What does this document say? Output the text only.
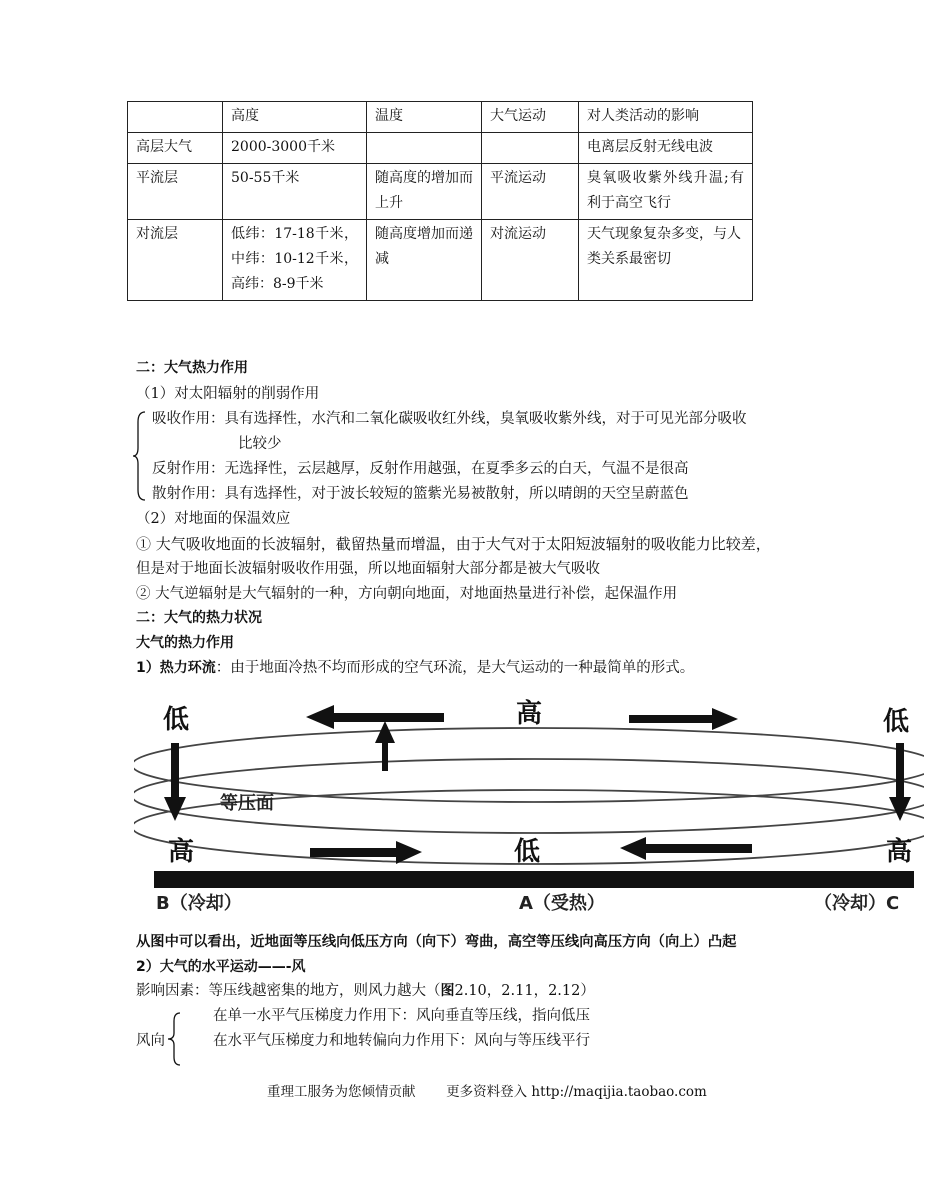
	高度	温度	大气运动	对人类活动的影响
高层大气	2000-3000千米			电离层反射无线电波
平流层	50-55千米	随高度的增加而上升	平流运动	臭氧吸收紫外线升温;有利于高空飞行
对流层	低纬：17-18千米，中纬：10-12千米，高纬：8-9千米	随高度增加而递减	对流运动	天气现象复杂多变，与人类关系最密切
二：大气热力作用
（1）对太阳辐射的削弱作用
吸收作用：具有选择性，水汽和二氧化碳吸收红外线，臭氧吸收紫外线，对于可见光部分吸收
比较少
反射作用：无选择性，云层越厚，反射作用越强，在夏季多云的白天，气温不是很高
散射作用：具有选择性，对于波长较短的篮紫光易被散射，所以晴朗的天空呈蔚蓝色
（2）对地面的保温效应
① 大气吸收地面的长波辐射，截留热量而增温，由于大气对于太阳短波辐射的吸收能力比较差，
但是对于地面长波辐射吸收作用强，所以地面辐射大部分都是被大气吸收
② 大气逆辐射是大气辐射的一种，方向朝向地面，对地面热量进行补偿，起保温作用
二：大气的热力状况
大气的热力作用
1）热力环流：由于地面冷热不均而形成的空气环流，是大气运动的一种最简单的形式。
低	高	低
等压面
高	低	高
B（冷却）	A（受热）	（冷却）C
从图中可以看出，近地面等压线向低压方向（向下）弯曲，高空等压线向高压方向（向上）凸起
2）大气的水平运动——-风
影响因素：等压线越密集的地方，则风力越大（图2.10，2.11，2.12）
风向
在单一水平气压梯度力作用下：风向垂直等压线，指向低压
在水平气压梯度力和地转偏向力作用下：风向与等压线平行
重理工服务为您倾情贡献 更多资料登入 http://maqijia.taobao.com
